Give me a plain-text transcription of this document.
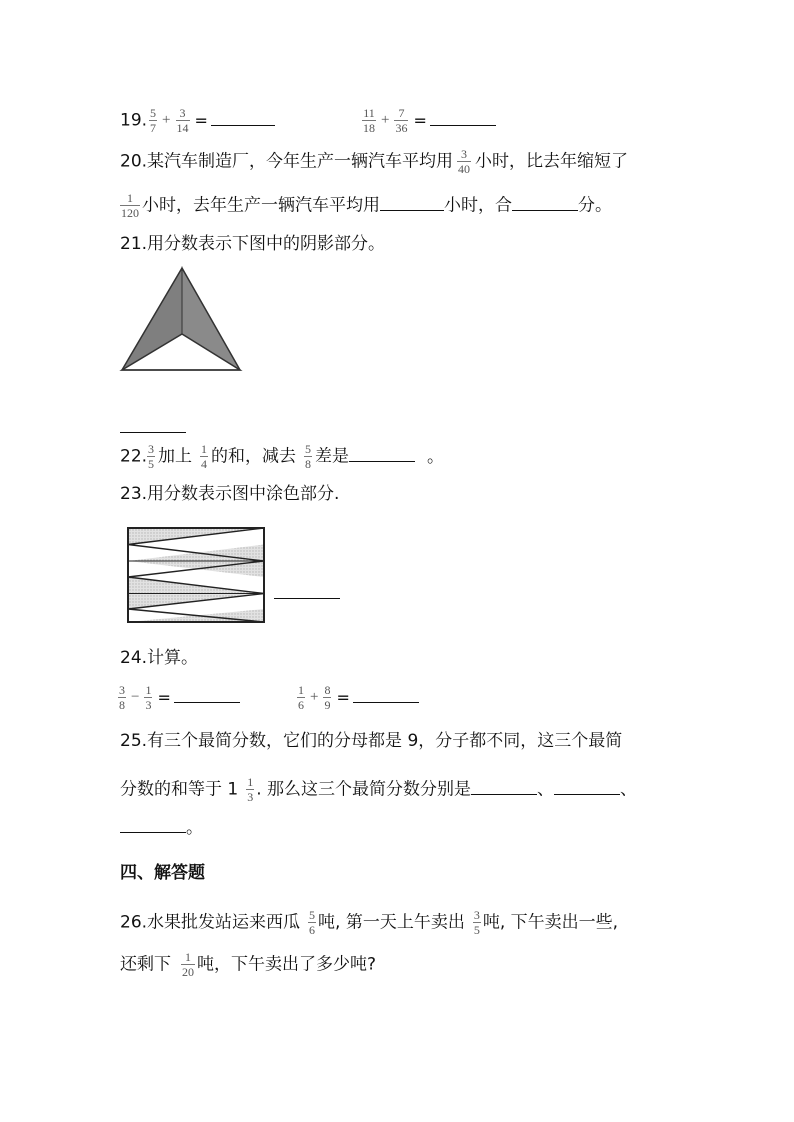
19. $\frac{5}{7} + \frac{3}{14}$ =	$\frac{11}{18} + \frac{7}{36}$ =
20.某汽车制造厂，今年生产一辆汽车平均用 $\frac{3}{40}$ 小时，比去年缩短了
$\frac{1}{120}$ 小时，去年生产一辆汽车平均用	小时，合	分。
21.用分数表示下图中的阴影部分。
22. $\frac{3}{5}$ 加上 $\frac{1}{4}$ 的和，减去 $\frac{5}{8}$ 差是	。
23.用分数表示图中涂色部分.
24.计算。
$\frac{3}{8} - \frac{1}{3}$ =	$\frac{1}{6} + \frac{8}{9}$ =
25.有三个最简分数，它们的分母都是 9，分子都不同，这三个最简
分数的和等于 $1 \frac{1}{3}$ . 那么这三个最简分数分别是	、	、
。
四、解答题
26.水果批发站运来西瓜 $\frac{5}{6}$ 吨, 第一天上午卖出 $\frac{3}{5}$ 吨, 下午卖出一些,
还剩下 $\frac{1}{20}$ 吨，下午卖出了多少吨?
